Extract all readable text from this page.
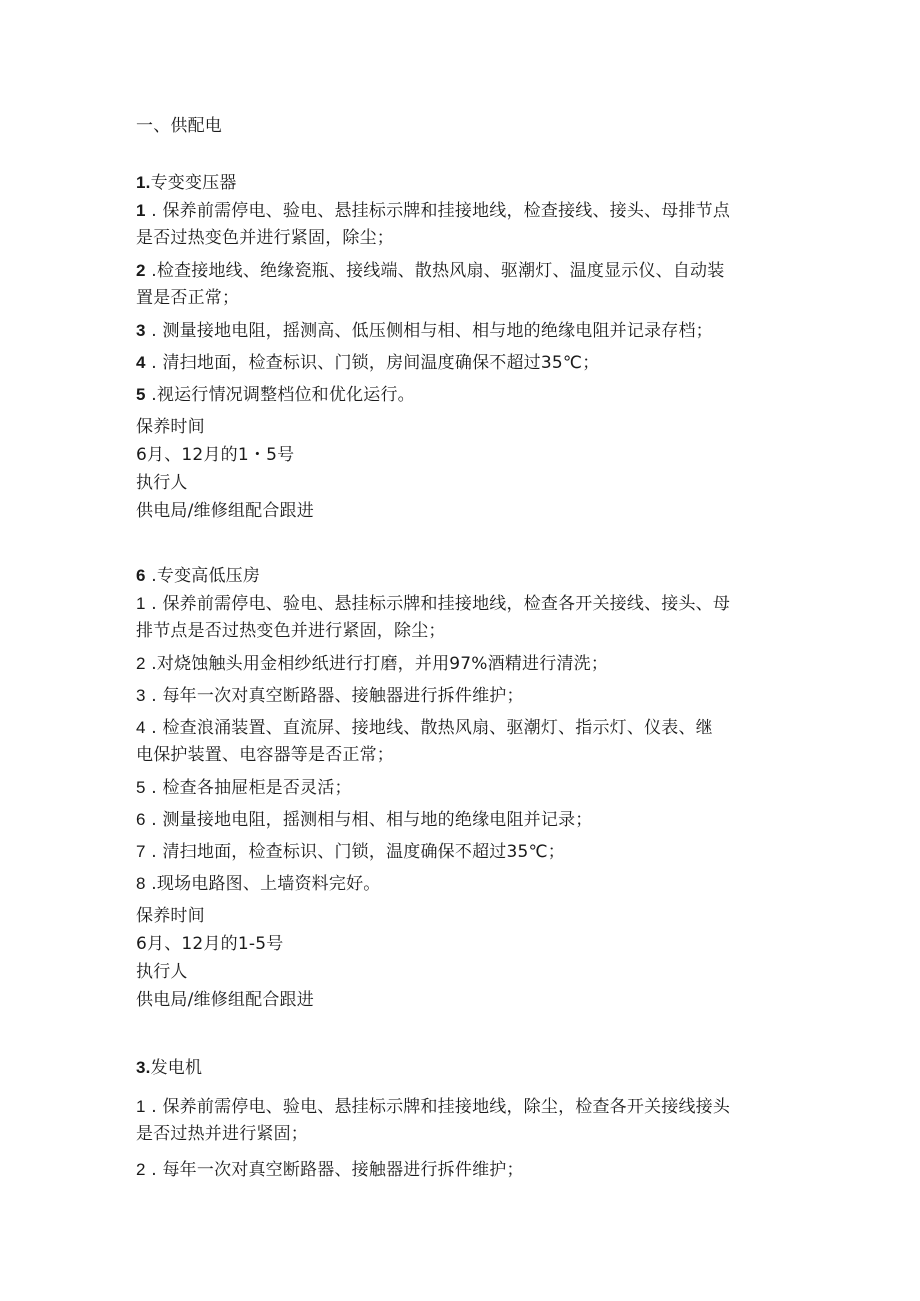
一、供配电
1.专变变压器
1 . 保养前需停电、验电、悬挂标示牌和挂接地线，检查接线、接头、母排节点
是否过热变色并进行紧固，除尘；
2 .检查接地线、绝缘瓷瓶、接线端、散热风扇、驱潮灯、温度显示仪、自动装
置是否正常；
3 . 测量接地电阻，摇测高、低压侧相与相、相与地的绝缘电阻并记录存档；
4 . 清扫地面，检查标识、门锁，房间温度确保不超过35℃；
5 .视运行情况调整档位和优化运行。
保养时间
6月、12月的1・5号
执行人
供电局/维修组配合跟进
6 .专变高低压房
1 . 保养前需停电、验电、悬挂标示牌和挂接地线，检查各开关接线、接头、母
排节点是否过热变色并进行紧固，除尘；
2 .对烧蚀触头用金相纱纸进行打磨，并用97%酒精进行清洗；
3 . 每年一次对真空断路器、接触器进行拆件维护；
4 . 检查浪涌装置、直流屏、接地线、散热风扇、驱潮灯、指示灯、仪表、继
电保护装置、电容器等是否正常；
5 . 检查各抽屉柜是否灵活；
6 . 测量接地电阻，摇测相与相、相与地的绝缘电阻并记录；
7 . 清扫地面，检查标识、门锁，温度确保不超过35℃；
8 .现场电路图、上墙资料完好。
保养时间
6月、12月的1-5号
执行人
供电局/维修组配合跟进
3.发电机
1 . 保养前需停电、验电、悬挂标示牌和挂接地线，除尘，检查各开关接线接头
是否过热并进行紧固；
2 . 每年一次对真空断路器、接触器进行拆件维护；
